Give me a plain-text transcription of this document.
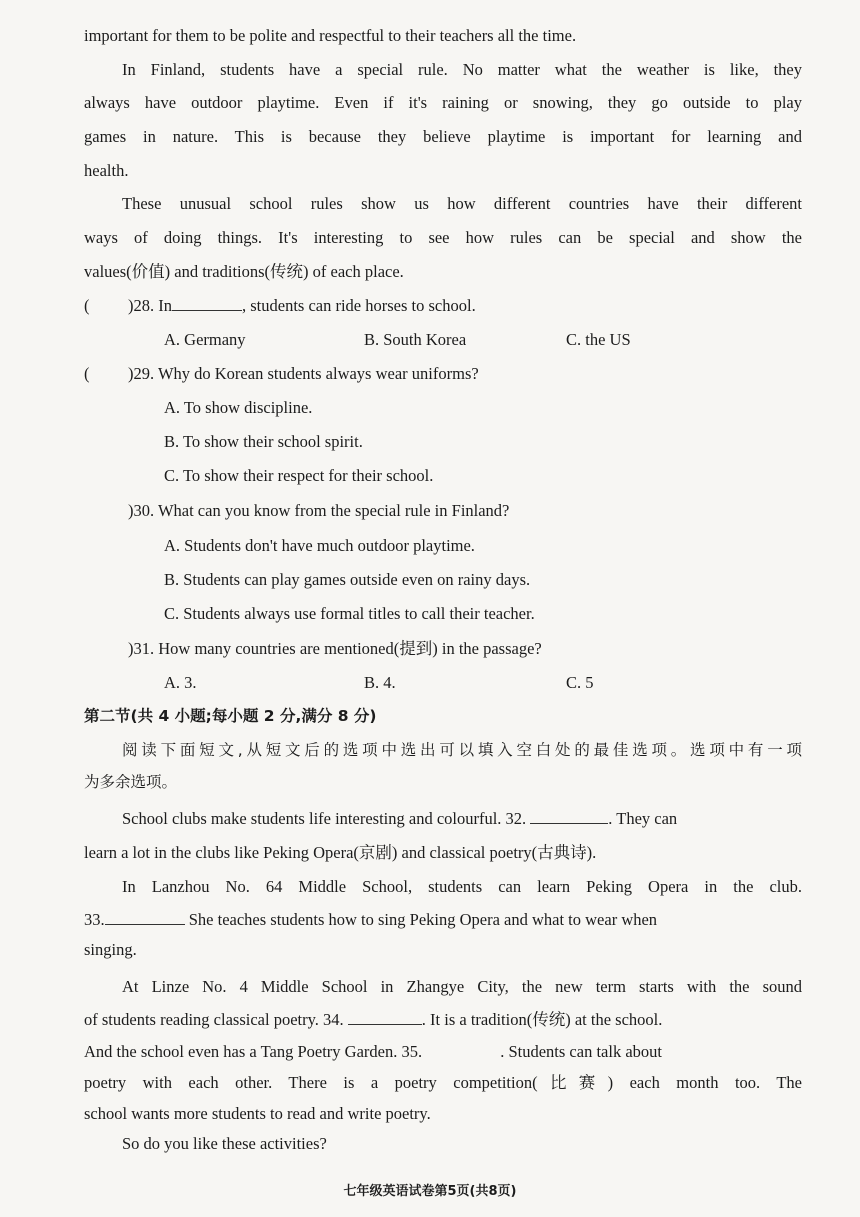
important for them to be polite and respectful to their teachers all the time.
In Finland, students have a special rule. No matter what the weather is like, they
always have outdoor playtime. Even if it's raining or snowing, they go outside to play
games in nature. This is because they believe playtime is important for learning and
health.
These unusual school rules show us how different countries have their different
ways of doing things. It's interesting to see how rules can be special and show the
values(价值) and traditions(传统) of each place.
( )28. In	, students can ride horses to school.
A. Germany	B. South Korea	C. the US
( )29. Why do Korean students always wear uniforms?
A. To show discipline.
B. To show their school spirit.
C. To show their respect for their school.
)30. What can you know from the special rule in Finland?
A. Students don't have much outdoor playtime.
B. Students can play games outside even on rainy days.
C. Students always use formal titles to call their teacher.
)31. How many countries are mentioned(提到) in the passage?
A. 3.	B. 4.	C. 5
第二节(共 4 小题;每小题 2 分,满分 8 分)
阅读下面短文,从短文后的选项中选出可以填入空白处的最佳选项。选项中有一项
为多余选项。
School clubs make students life interesting and colourful. 32.	. They can
learn a lot in the clubs like Peking Opera(京剧) and classical poetry(古典诗).
In Lanzhou No. 64 Middle School, students can learn Peking Opera in the club.
33.	She teaches students how to sing Peking Opera and what to wear when
singing.
At Linze No. 4 Middle School in Zhangye City, the new term starts with the sound
of students reading classical poetry. 34.	. It is a tradition(传统) at the school.
And the school even has a Tang Poetry Garden. 35.	. Students can talk about
poetry with each other. There is a poetry competition(比赛) each month too. The
school wants more students to read and write poetry.
So do you like these activities?
七年级英语试卷第5页(共8页)
